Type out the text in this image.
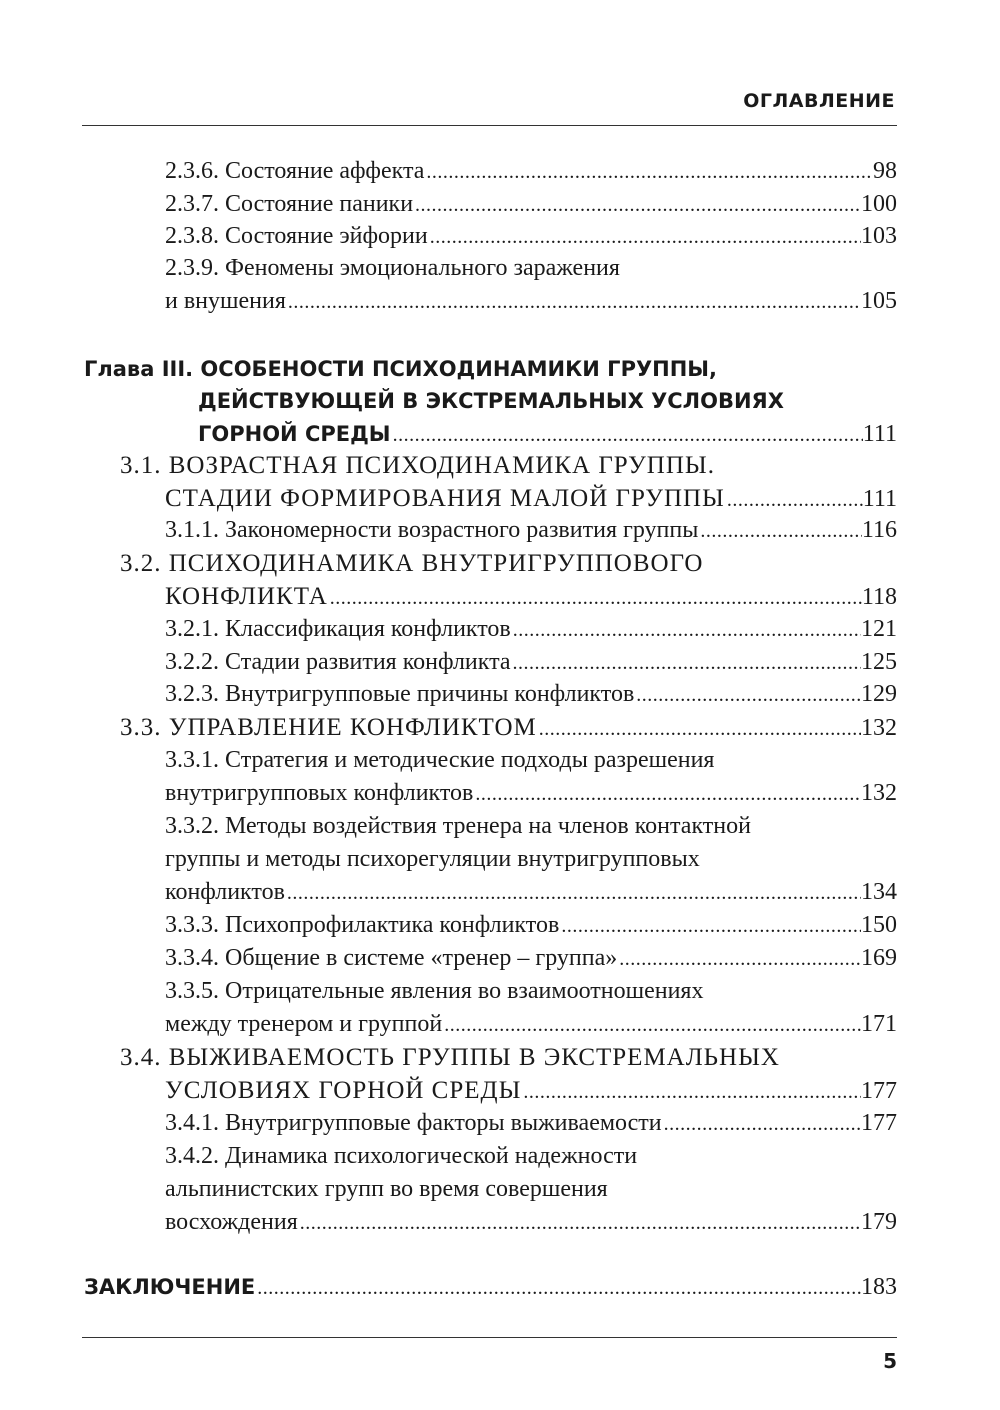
ОГЛАВЛЕНИЕ
2.3.6. Состояние аффекта .....	98
2.3.7. Состояние паники .....	100
2.3.8. Состояние эйфории .....	103
2.3.9. Феномены эмоционального заражения
и внушения .....	105
Глава III. ОСОБЕНОСТИ ПСИХОДИНАМИКИ ГРУППЫ,
ДЕЙСТВУЮЩЕЙ В ЭКСТРЕМАЛЬНЫХ УСЛОВИЯХ
ГОРНОЙ СРЕДЫ .....	111
3.1. ВОЗРАСТНАЯ ПСИХОДИНАМИКА ГРУППЫ.
СТАДИИ ФОРМИРОВАНИЯ МАЛОЙ ГРУППЫ .....	111
3.1.1. Закономерности возрастного развития группы .....	116
3.2. ПСИХОДИНАМИКА ВНУТРИГРУППОВОГО
КОНФЛИКТА .....	118
3.2.1. Классификация конфликтов .....	121
3.2.2. Стадии развития конфликта .....	125
3.2.3. Внутригрупповые причины конфликтов .....	129
3.3. УПРАВЛЕНИЕ КОНФЛИКТОМ .....	132
3.3.1. Стратегия и методические подходы разрешения
внутригрупповых конфликтов .....	132
3.3.2. Методы воздействия тренера на членов контактной
группы и методы психорегуляции внутригрупповых
конфликтов .....	134
3.3.3. Психопрофилактика конфликтов .....	150
3.3.4. Общение в системе «тренер – группа» .....	169
3.3.5. Отрицательные явления во взаимоотношениях
между тренером и группой .....	171
3.4. ВЫЖИВАЕМОСТЬ ГРУППЫ В ЭКСТРЕМАЛЬНЫХ
УСЛОВИЯХ ГОРНОЙ СРЕДЫ .....	177
3.4.1. Внутригрупповые факторы выживаемости .....	177
3.4.2. Динамика психологической надежности
альпинистских групп во время совершения
восхождения .....	179
ЗАКЛЮЧЕНИЕ .....	183
5
